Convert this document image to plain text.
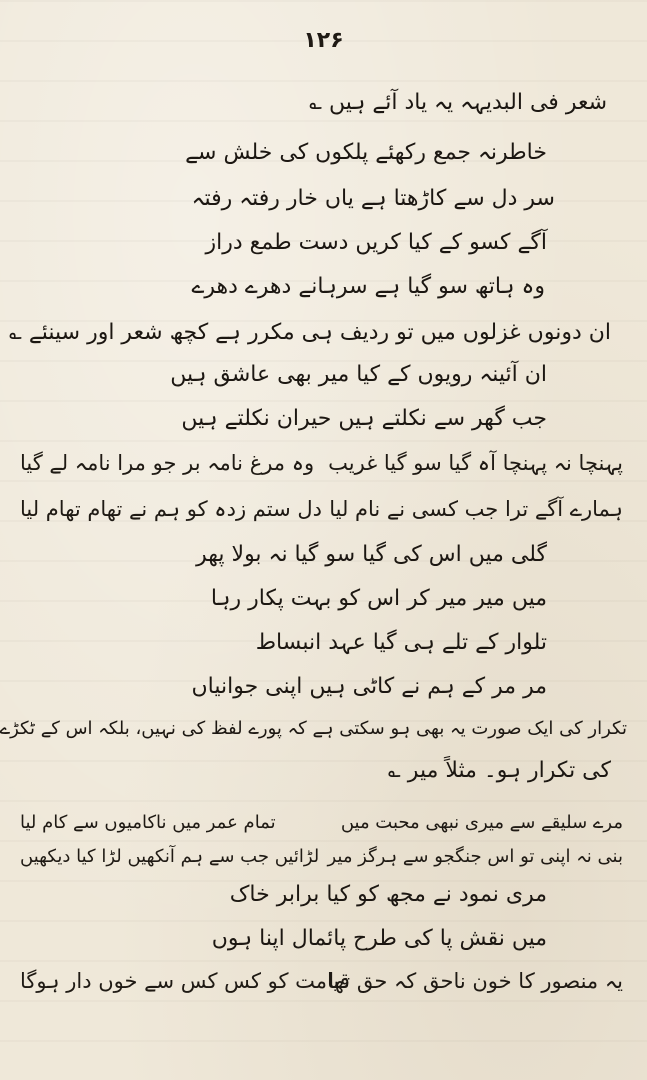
۱۲۶
شعر فی البدیہہ یہ یاد آئے ہیں ؎
خاطرنہ جمع رکھئے پلکوں کی خلش سے
سر دل سے کاڑھتا ہے یاں خار رفتہ رفتہ
آگے کسو کے کیا کریں دست طمع دراز
وہ ہاتھ سو گیا ہے سرہانے دھرے دھرے
ان دونوں غزلوں میں تو ردیف ہی مکرر ہے کچھ شعر اور سینئے ؎
ان آئینہ رویوں کے کیا میر بھی عاشق ہیں
جب گھر سے نکلتے ہیں حیران نکلتے ہیں
پہنچا نہ پہنچا آہ گیا سو گیا غریب
وہ مرغ نامہ بر جو مرا نامہ لے گیا
ہمارے آگے ترا جب کسی نے نام لیا
دل ستم زدہ کو ہم نے تھام تھام لیا
گلی میں اس کی گیا سو گیا نہ بولا پھر
میں میر میر کر اس کو بہت پکار رہا
تلوار کے تلے ہی گیا عہد انبساط
مر مر کے ہم نے کاٹی ہیں اپنی جوانیاں
تکرار کی ایک صورت یہ بھی ہو سکتی ہے کہ پورے لفظ کی نہیں، بلکہ اس کے ٹکڑے
کی تکرار ہو۔ مثلاً میر ؎
مرے سلیقے سے میری نبھی محبت میں
تمام عمر میں ناکامیوں سے کام لیا
بنی نہ اپنی تو اس جنگجو سے ہرگز میر
لڑائیں جب سے ہم آنکھیں لڑا کیا دیکھیں
مری نمود نے مجھ کو کیا برابر خاک
میں نقش پا کی طرح پائمال اپنا ہوں
یہ منصور کا خون ناحق کہ حق تھا
قیامت کو کس کس سے خوں دار ہوگا
